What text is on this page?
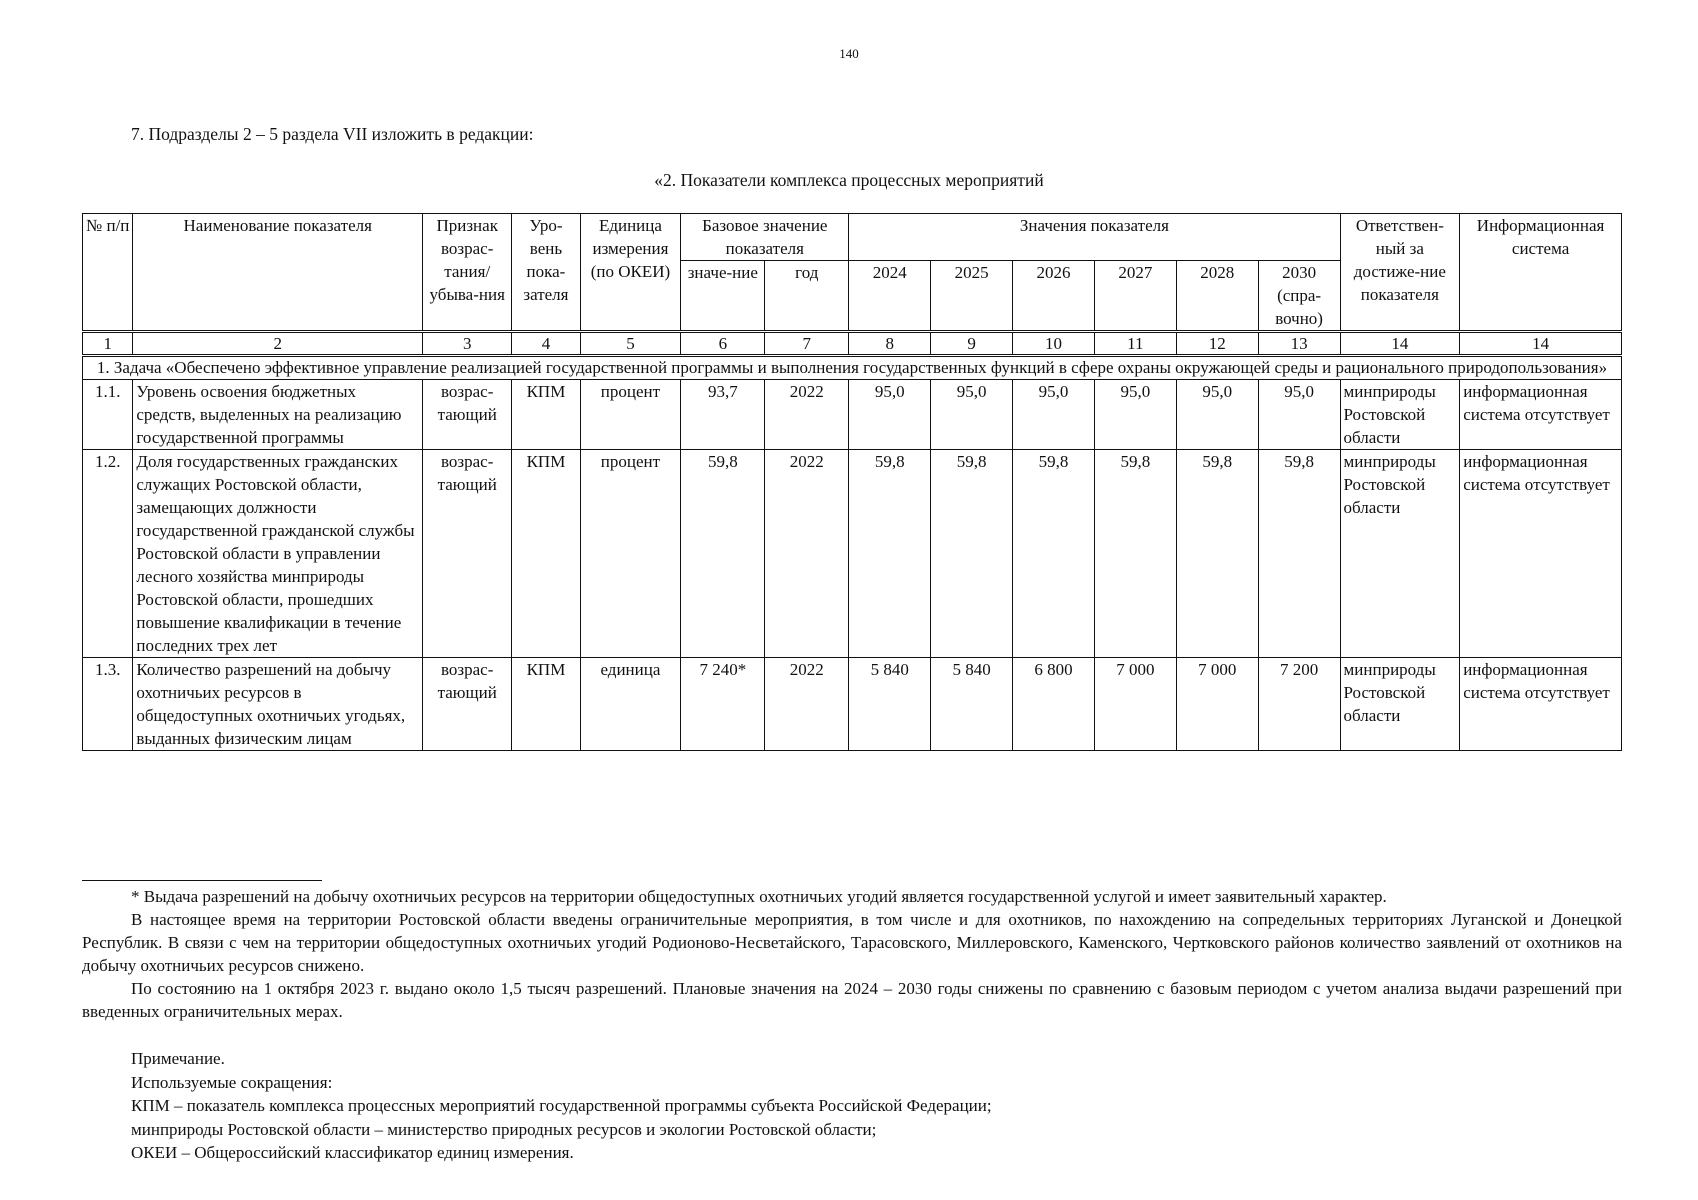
140
7. Подразделы 2 – 5 раздела VII изложить в редакции:
«2. Показатели комплекса процессных мероприятий
№ п/п	Наименование показателя	Признак возрас-тания/ убыва-ния	Уро-вень пока-зателя	Единица измерения (по ОКЕИ)	Базовое значение показателя		Значения показателя						Ответствен-ный за достиже-ние показателя	Информационная система
					значе-ние	год	2024	2025	2026	2027	2028	2030 (спра-вочно)		
1	2	3	4	5	6	7	8	9	10	11	12	13	14	14
1. Задача «Обеспечено эффективное управление реализацией государственной программы и выполнения государственных функций в сфере охраны окружающей среды и рационального природопользования»														
1.1.	Уровень освоения бюджетных средств, выделенных на реализацию государственной программы	возрас-тающий	КПМ	процент	93,7	2022	95,0	95,0	95,0	95,0	95,0	95,0	минприроды Ростовской области	информационная система отсутствует
1.2.	Доля государственных гражданских служащих Ростовской области, замещающих должности государственной гражданской службы Ростовской области в управлении лесного хозяйства минприроды Ростовской области, прошедших повышение квалификации в течение последних трех лет	возрас-тающий	КПМ	процент	59,8	2022	59,8	59,8	59,8	59,8	59,8	59,8	минприроды Ростовской области	информационная система отсутствует
1.3.	Количество разрешений на добычу охотничьих ресурсов в общедоступных охотничьих угодьях, выданных физическим лицам	возрас-тающий	КПМ	единица	7 240*	2022	5 840	5 840	6 800	7 000	7 000	7 200	минприроды Ростовской области	информационная система отсутствует

* Выдача разрешений на добычу охотничьих ресурсов на территории общедоступных охотничьих угодий является государственной услугой и имеет заявительный характер.

В настоящее время на территории Ростовской области введены ограничительные мероприятия, в том числе и для охотников, по нахождению на сопредельных территориях Луганской и Донецкой Республик. В связи с чем на территории общедоступных охотничьих угодий Родионово-Несветайского, Тарасовского, Миллеровского, Каменского, Чертковского районов количество заявлений от охотников на добычу охотничьих ресурсов снижено.

По состоянию на 1 октября 2023 г. выдано около 1,5 тысяч разрешений. Плановые значения на 2024 – 2030 годы снижены по сравнению с базовым периодом с учетом анализа выдачи разрешений при введенных ограничительных мерах.

Примечание.
Используемые сокращения:
КПМ – показатель комплекса процессных мероприятий государственной программы субъекта Российской Федерации;
минприроды Ростовской области – министерство природных ресурсов и экологии Ростовской области;
ОКЕИ – Общероссийский классификатор единиц измерения.
